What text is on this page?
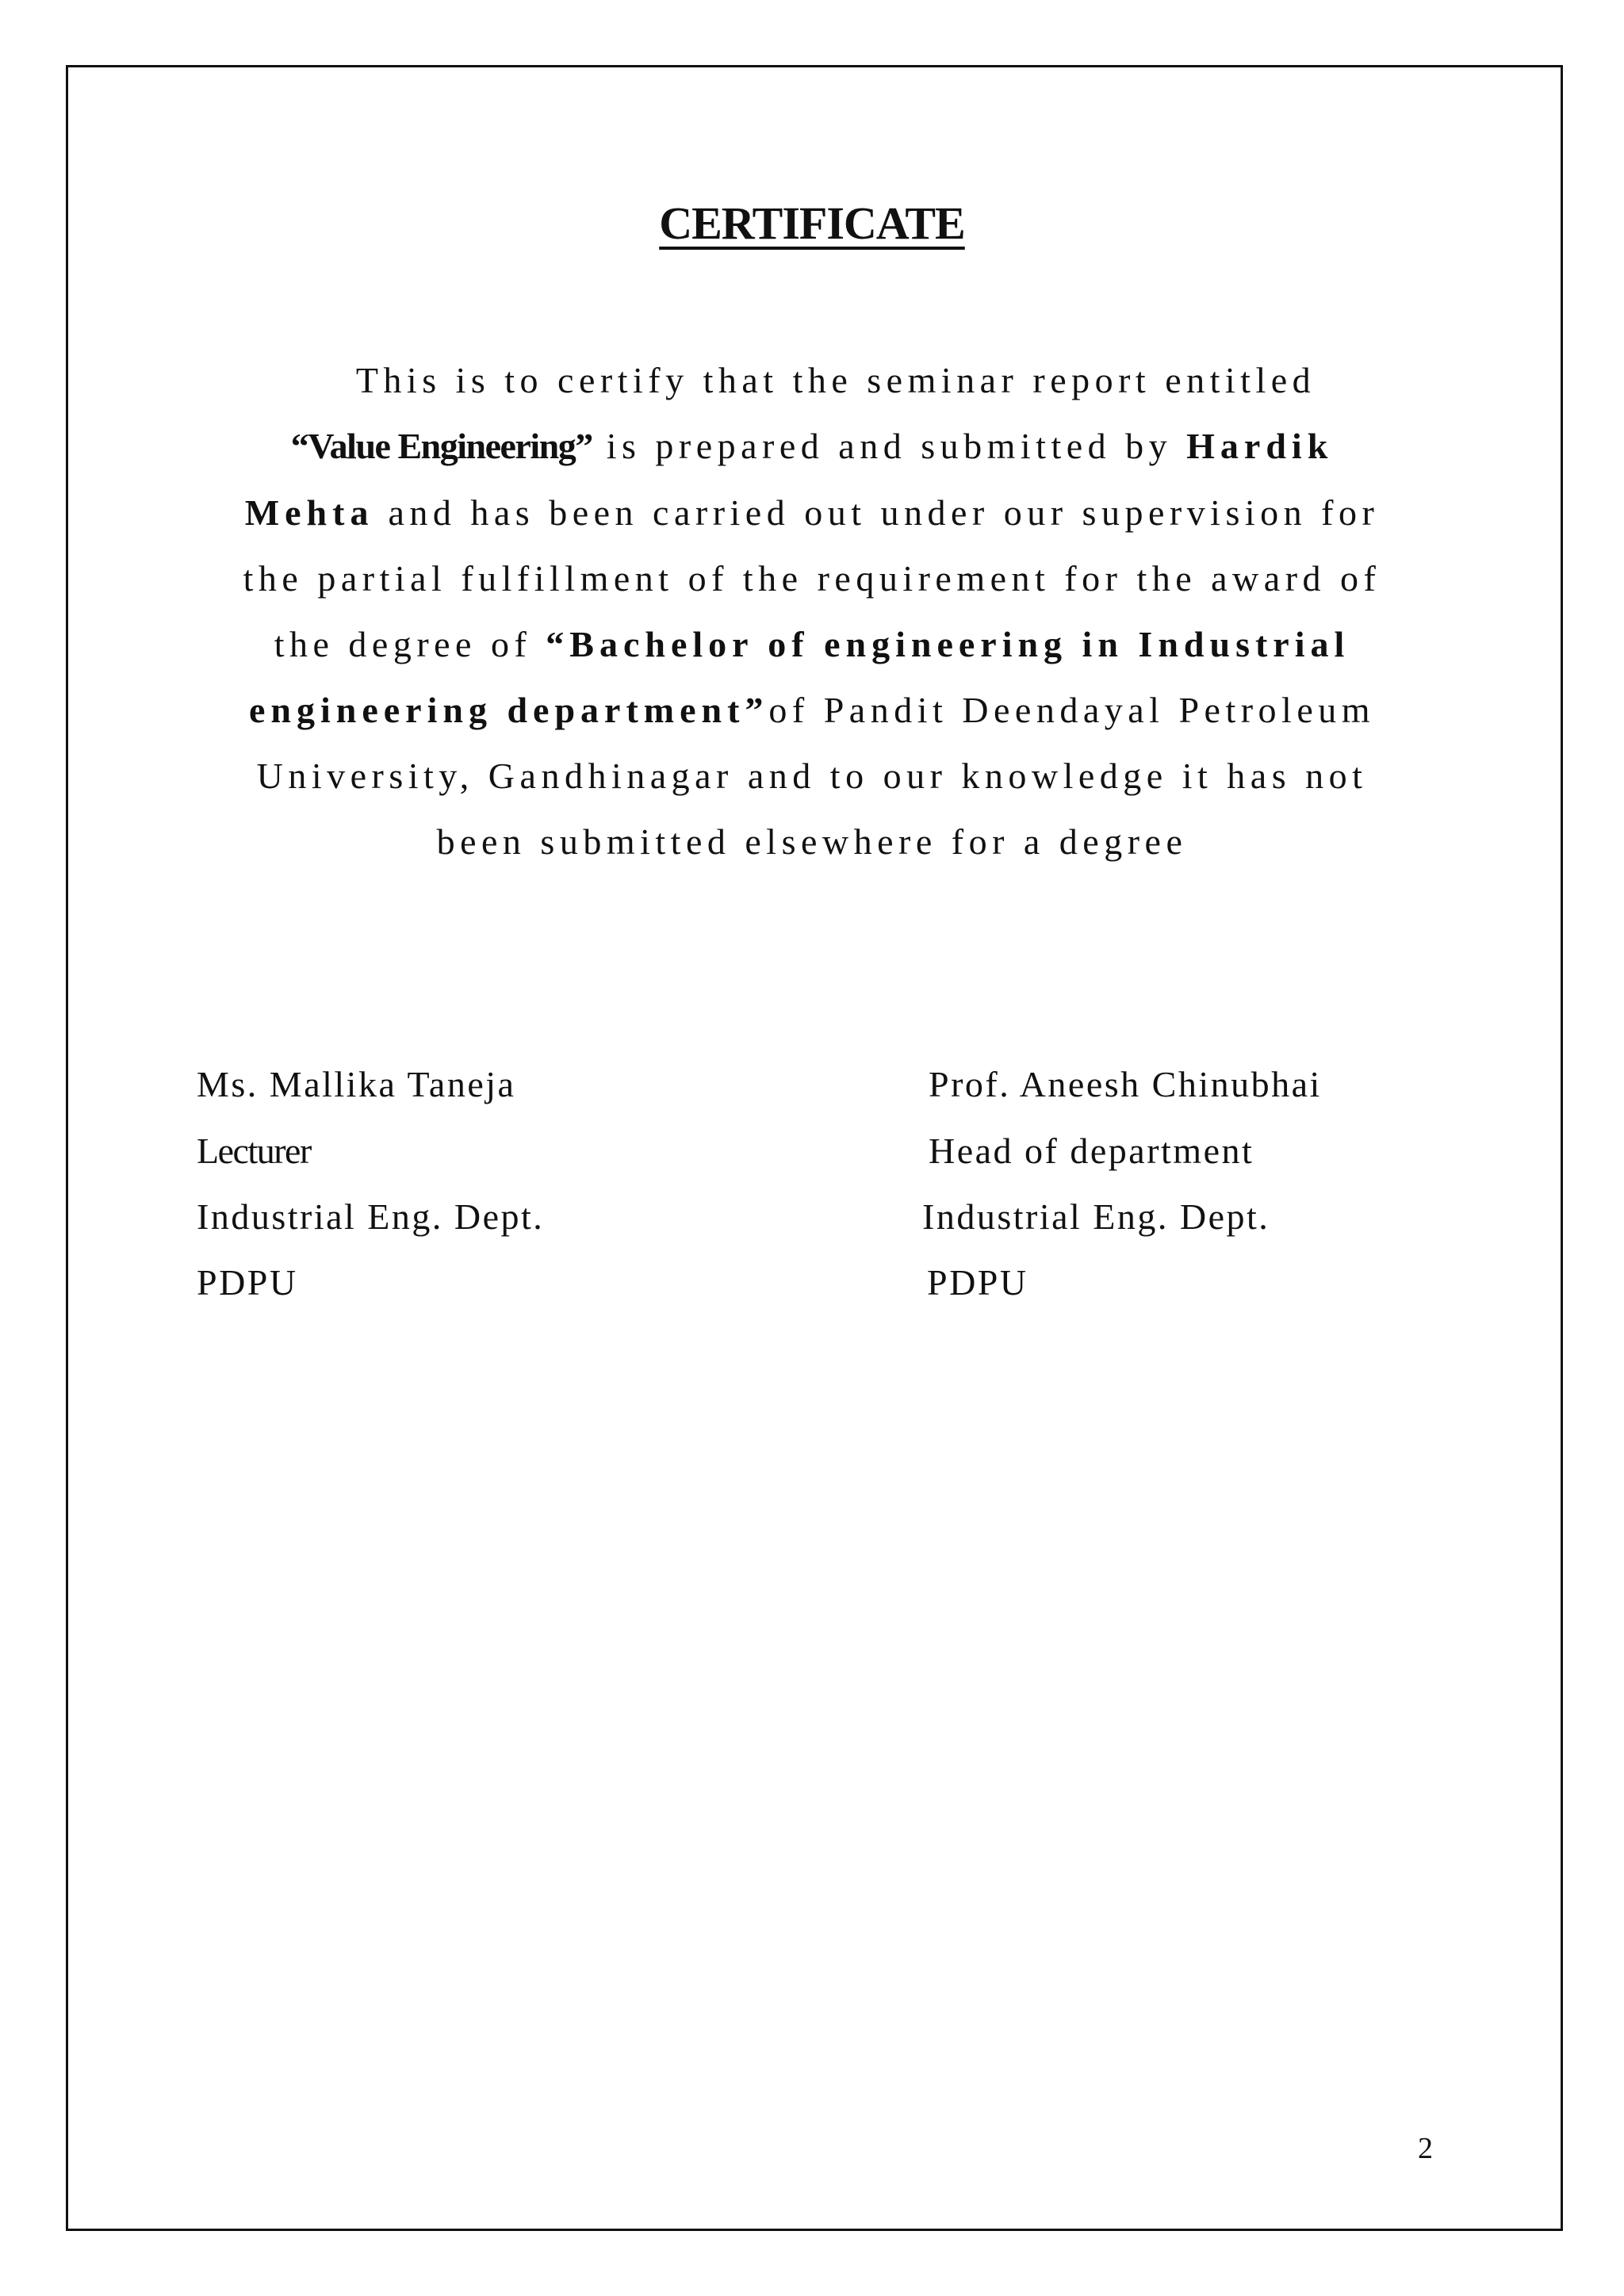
CERTIFICATE
This is to certify that the seminar report entitled
“Value Engineering” is prepared and submitted by Hardik
Mehta and has been carried out under our supervision for
the partial fulfillment of the requirement for the award of
the degree of “Bachelor of engineering in Industrial
engineering department”of Pandit Deendayal Petroleum
University, Gandhinagar and to our knowledge it has not
been submitted elsewhere for a degree
Ms. Mallika Taneja
Lecturer
Industrial Eng. Dept.
PDPU
Prof. Aneesh Chinubhai
Head of department
Industrial Eng. Dept.
PDPU
2
